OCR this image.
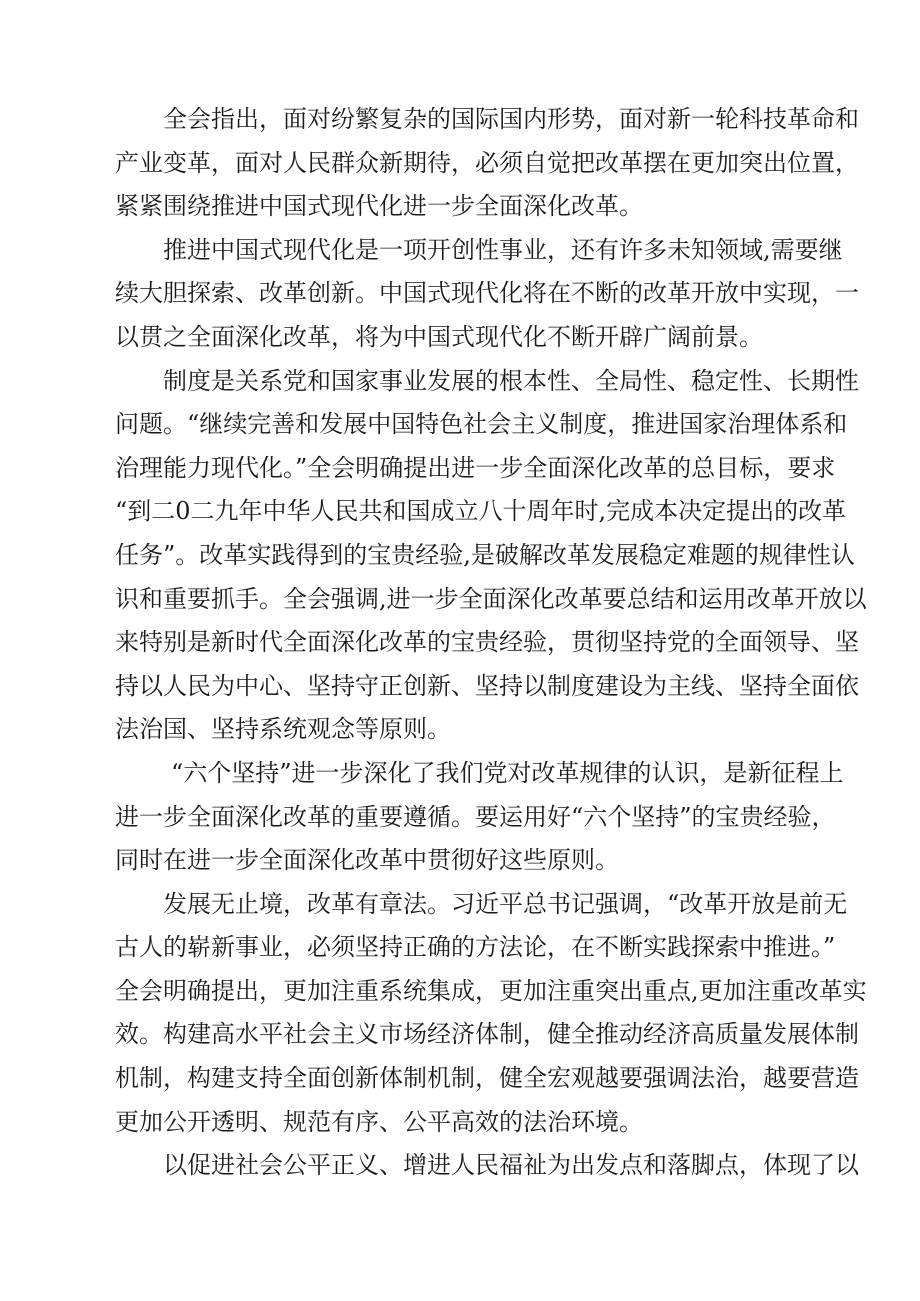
全会指出，面对纷繁复杂的国际国内形势，面对新一轮科技革命和
产业变革，面对人民群众新期待，必须自觉把改革摆在更加突出位置，
紧紧围绕推进中国式现代化进一步全面深化改革。
推进中国式现代化是一项开创性事业，还有许多未知领域,需要继
续大胆探索、改革创新。中国式现代化将在不断的改革开放中实现，一
以贯之全面深化改革，将为中国式现代化不断开辟广阔前景。
制度是关系党和国家事业发展的根本性、全局性、稳定性、长期性
问题。“继续完善和发展中国特色社会主义制度，推进国家治理体系和
治理能力现代化。”全会明确提出进一步全面深化改革的总目标，要求
“到二0二九年中华人民共和国成立八十周年时,完成本决定提出的改革
任务”。改革实践得到的宝贵经验,是破解改革发展稳定难题的规律性认
识和重要抓手。全会强调,进一步全面深化改革要总结和运用改革开放以
来特别是新时代全面深化改革的宝贵经验，贯彻坚持党的全面领导、坚
持以人民为中心、坚持守正创新、坚持以制度建设为主线、坚持全面依
法治国、坚持系统观念等原则。
“六个坚持”进一步深化了我们党对改革规律的认识，是新征程上
进一步全面深化改革的重要遵循。要运用好“六个坚持”的宝贵经验，
同时在进一步全面深化改革中贯彻好这些原则。
发展无止境，改革有章法。习近平总书记强调，“改革开放是前无
古人的崭新事业，必须坚持正确的方法论，在不断实践探索中推进。”
全会明确提出，更加注重系统集成，更加注重突出重点,更加注重改革实
效。构建高水平社会主义市场经济体制，健全推动经济高质量发展体制
机制，构建支持全面创新体制机制，健全宏观越要强调法治，越要营造
更加公开透明、规范有序、公平高效的法治环境。
以促进社会公平正义、增进人民福祉为出发点和落脚点，体现了以
